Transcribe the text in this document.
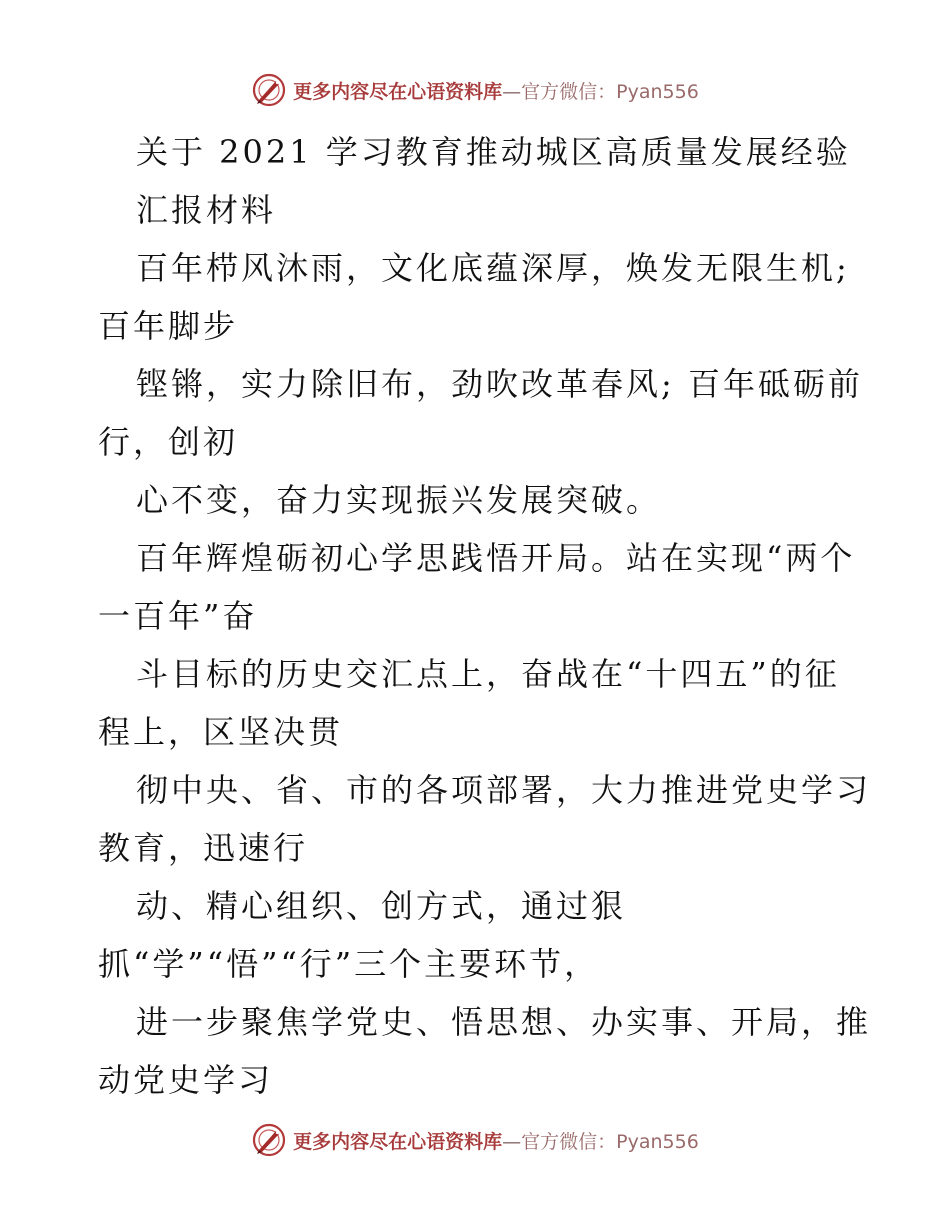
更多内容尽在心语资料库—官方微信：Pyan556
关于 2021 学习教育推动城区高质量发展经验
汇报材料
百年栉风沐雨，文化底蕴深厚，焕发无限生机;
百年脚步
铿锵，实力除旧布，劲吹改革春风; 百年砥砺前
行，创初
心不变，奋力实现振兴发展突破。
百年辉煌砺初心学思践悟开局。站在实现“两个
一百年”奋
斗目标的历史交汇点上，奋战在“十四五”的征
程上，区坚决贯
彻中央、省、市的各项部署，大力推进党史学习
教育，迅速行
动、精心组织、创方式，通过狠
抓“学”“悟”“行”三个主要环节，
进一步聚焦学党史、悟思想、办实事、开局，推
动党史学习
更多内容尽在心语资料库—官方微信：Pyan556
